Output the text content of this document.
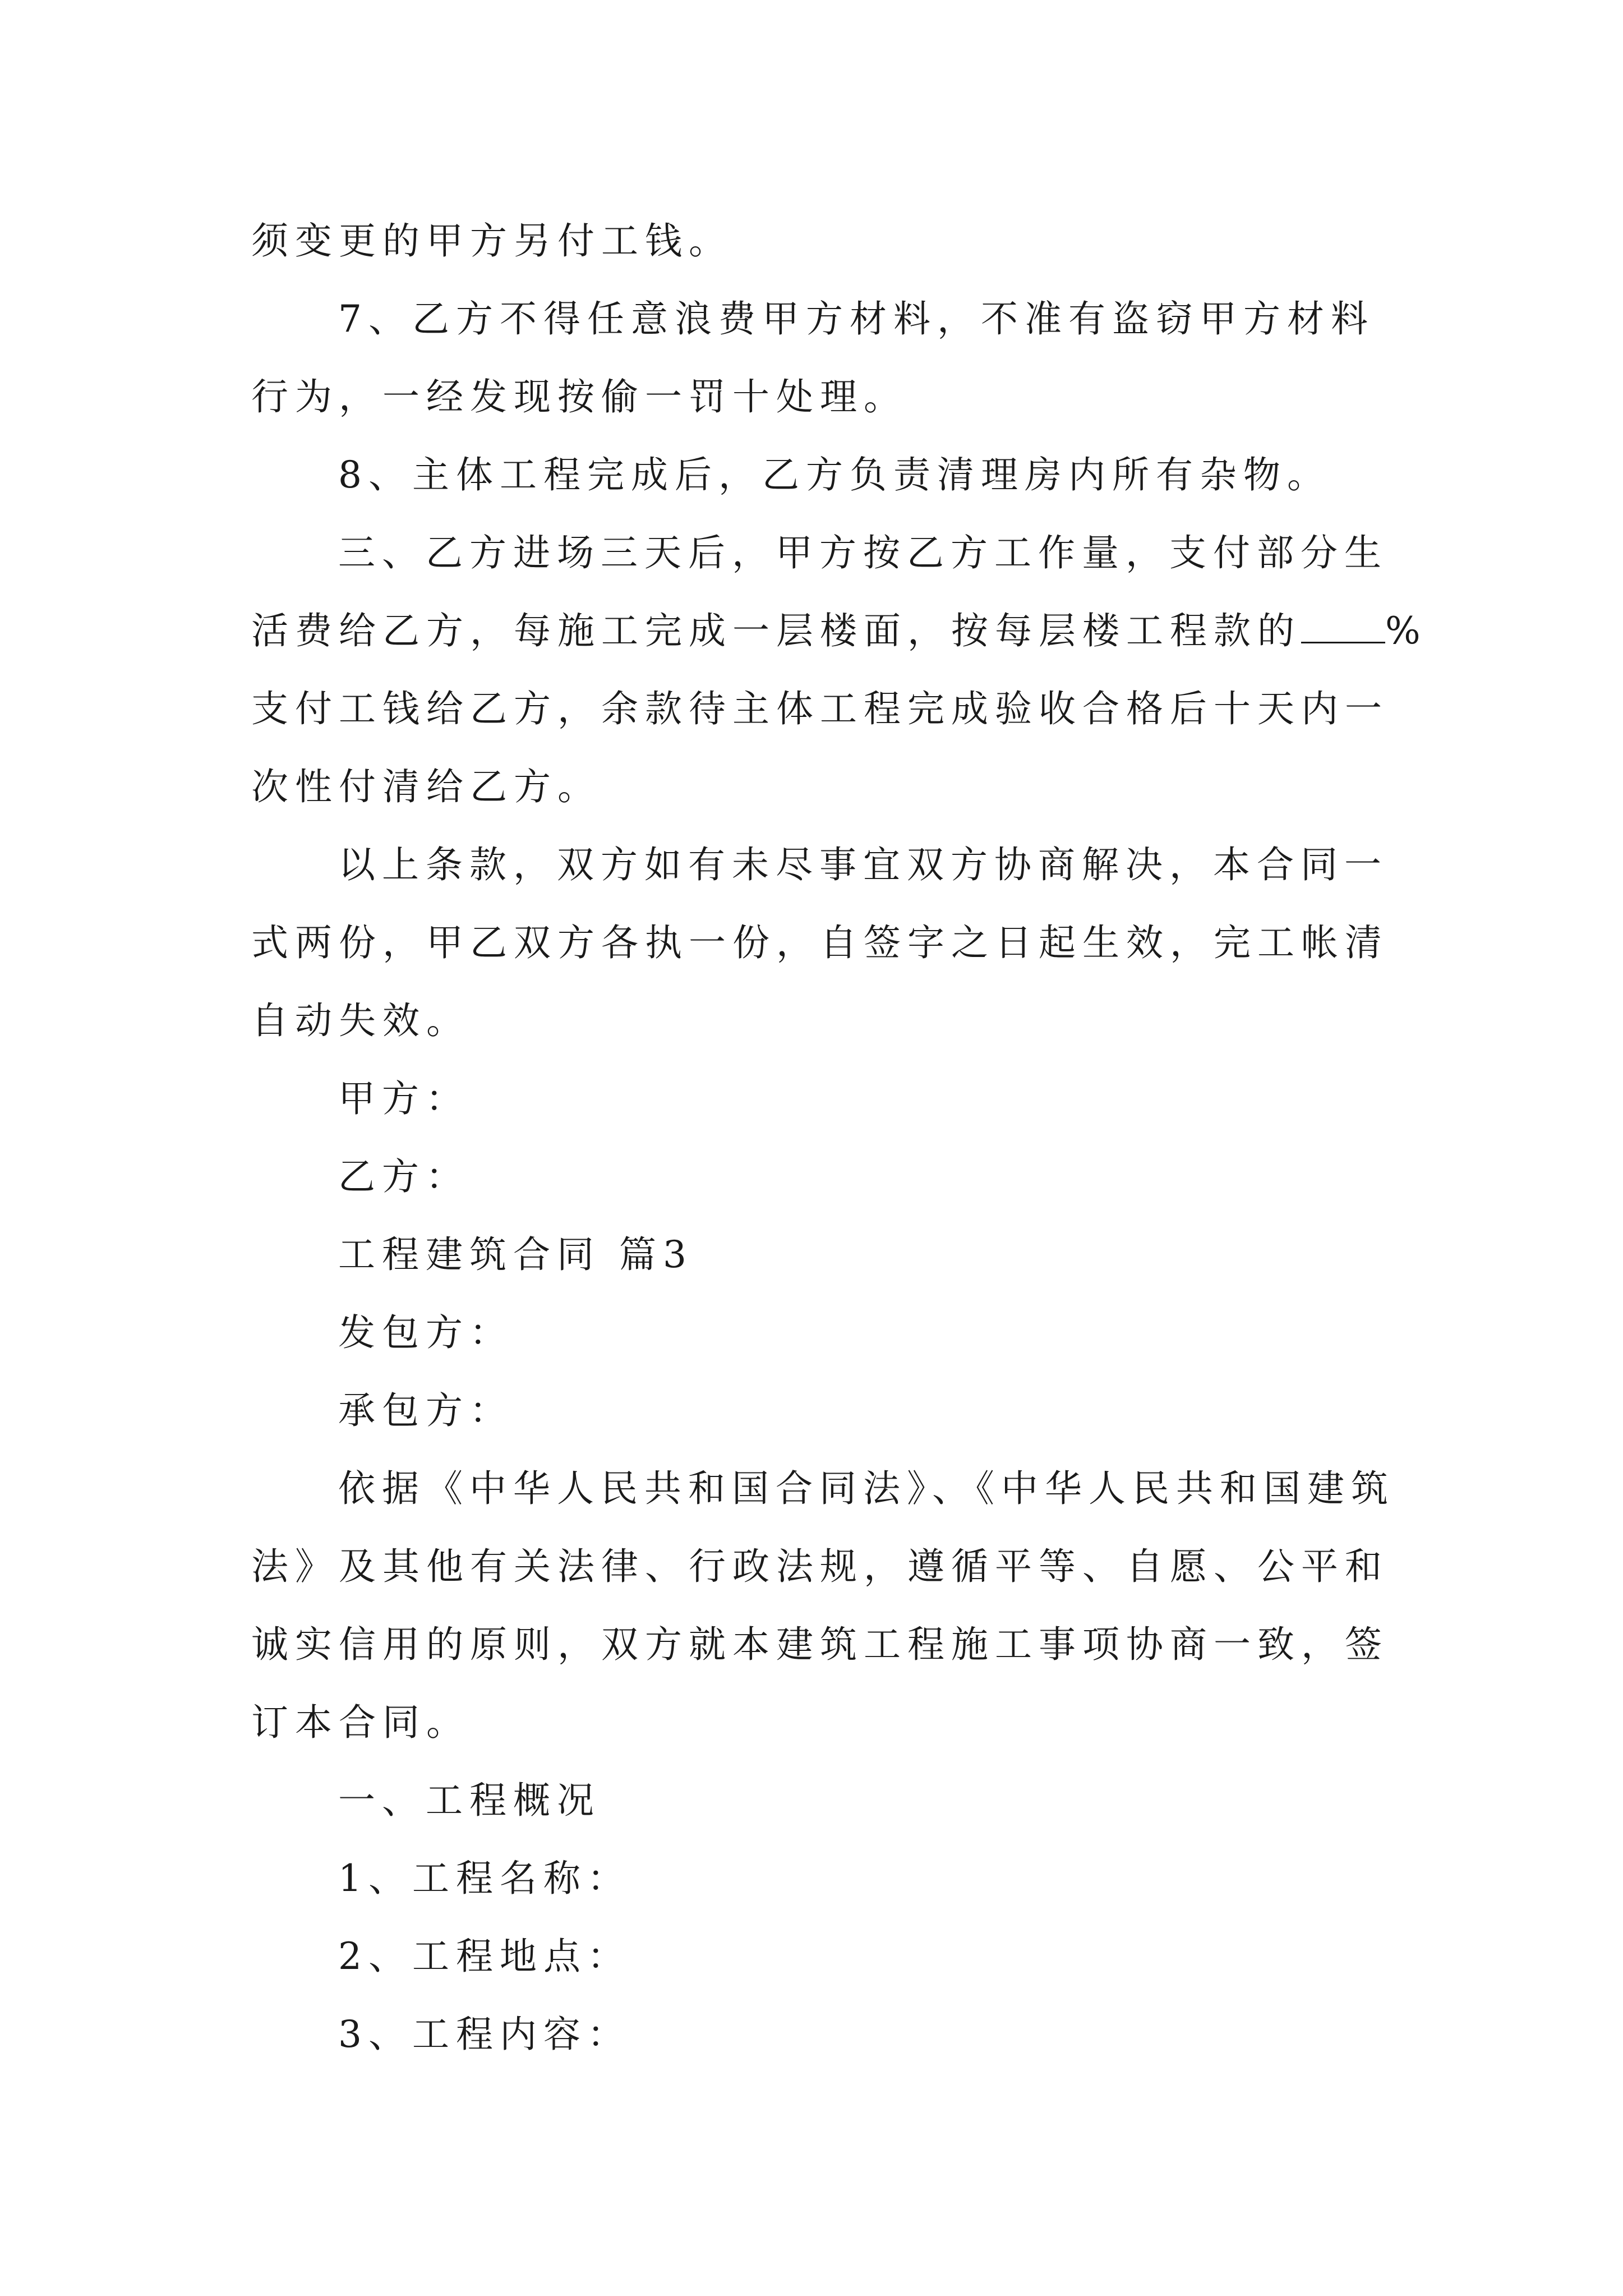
须变更的甲方另付工钱。
7、乙方不得任意浪费甲方材料，不准有盗窃甲方材料
行为，一经发现按偷一罚十处理。
8、主体工程完成后，乙方负责清理房内所有杂物。
三、乙方进场三天后，甲方按乙方工作量，支付部分生
活费给乙方，每施工完成一层楼面，按每层楼工程款的 %
支付工钱给乙方，余款待主体工程完成验收合格后十天内一
次性付清给乙方。
以上条款，双方如有未尽事宜双方协商解决，本合同一
式两份，甲乙双方各执一份，自签字之日起生效，完工帐清
自动失效。
甲方：
乙方：
工程建筑合同 篇3
发包方：
承包方：
依据《中华人民共和国合同法》、《中华人民共和国建筑
法》及其他有关法律、行政法规，遵循平等、自愿、公平和
诚实信用的原则，双方就本建筑工程施工事项协商一致，签
订本合同。
一、工程概况
1、工程名称：
2、工程地点：
3、工程内容：
